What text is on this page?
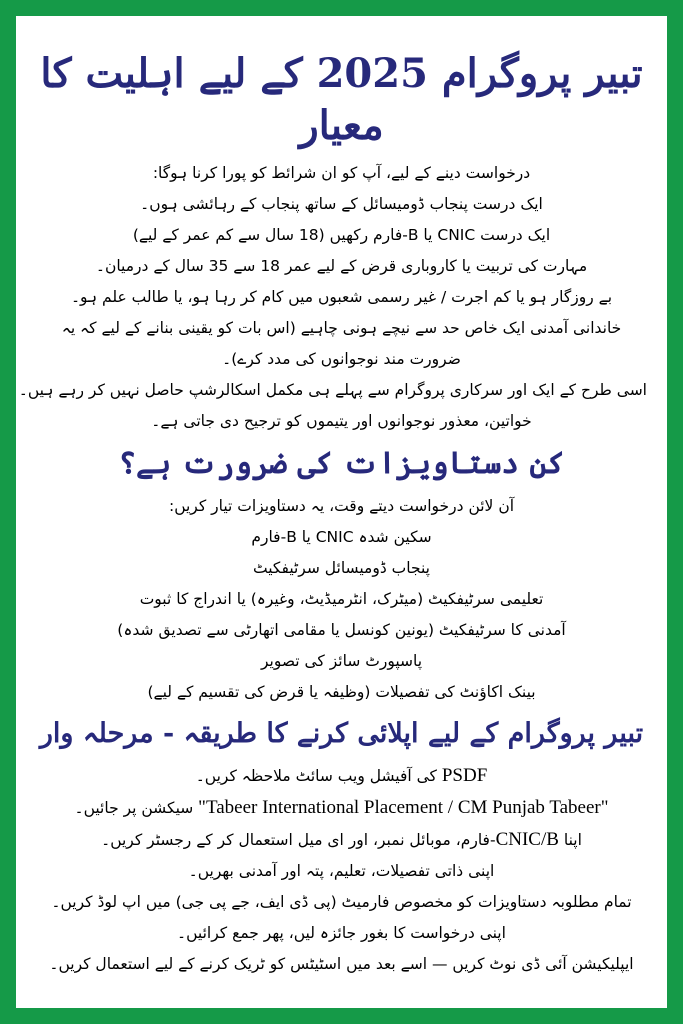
تبیر پروگرام 2025 کے لیے اہلیت کا معیار

درخواست دینے کے لیے، آپ کو ان شرائط کو پورا کرنا ہوگا:

ایک درست پنجاب ڈومیسائل کے ساتھ پنجاب کے رہائشی ہوں۔

ایک درست CNIC یا B-فارم رکھیں (18 سال سے کم عمر کے لیے)

مہارت کی تربیت یا کاروباری قرض کے لیے عمر 18 سے 35 سال کے درمیان۔

بے روزگار ہو یا کم اجرت / غیر رسمی شعبوں میں کام کر رہا ہو، یا طالب علم ہو۔

خاندانی آمدنی ایک خاص حد سے نیچے ہونی چاہیے (اس بات کو یقینی بنانے کے لیے کہ یہ ضرورت مند نوجوانوں کی مدد کرے)۔

اسی طرح کے ایک اور سرکاری پروگرام سے پہلے ہی مکمل اسکالرشپ حاصل نہیں کر رہے ہیں۔

خواتین، معذور نوجوانوں اور یتیموں کو ترجیح دی جاتی ہے۔

کن دستاویزات کی ضرورت ہے؟

آن لائن درخواست دیتے وقت، یہ دستاویزات تیار کریں:

سکین شدہ CNIC یا B-فارم

پنجاب ڈومیسائل سرٹیفکیٹ

تعلیمی سرٹیفکیٹ (میٹرک، انٹرمیڈیٹ، وغیرہ) یا اندراج کا ثبوت

آمدنی کا سرٹیفکیٹ (یونین کونسل یا مقامی اتھارٹی سے تصدیق شدہ)

پاسپورٹ سائز کی تصویر

بینک اکاؤنٹ کی تفصیلات (وظیفہ یا قرض کی تقسیم کے لیے)

تبیر پروگرام کے لیے اپلائی کرنے کا طریقہ - مرحلہ وار

PSDF کی آفیشل ویب سائٹ ملاحظہ کریں۔

"Tabeer International Placement / CM Punjab Tabeer" سیکشن پر جائیں۔

اپنا CNIC/B-فارم، موبائل نمبر، اور ای میل استعمال کر کے رجسٹر کریں۔

اپنی ذاتی تفصیلات، تعلیم، پتہ اور آمدنی بھریں۔

تمام مطلوبہ دستاویزات کو مخصوص فارمیٹ (پی ڈی ایف، جے پی جی) میں اپ لوڈ کریں۔

اپنی درخواست کا بغور جائزہ لیں، پھر جمع کرائیں۔

ایپلیکیشن آئی ڈی نوٹ کریں — اسے بعد میں اسٹیٹس کو ٹریک کرنے کے لیے استعمال کریں۔
